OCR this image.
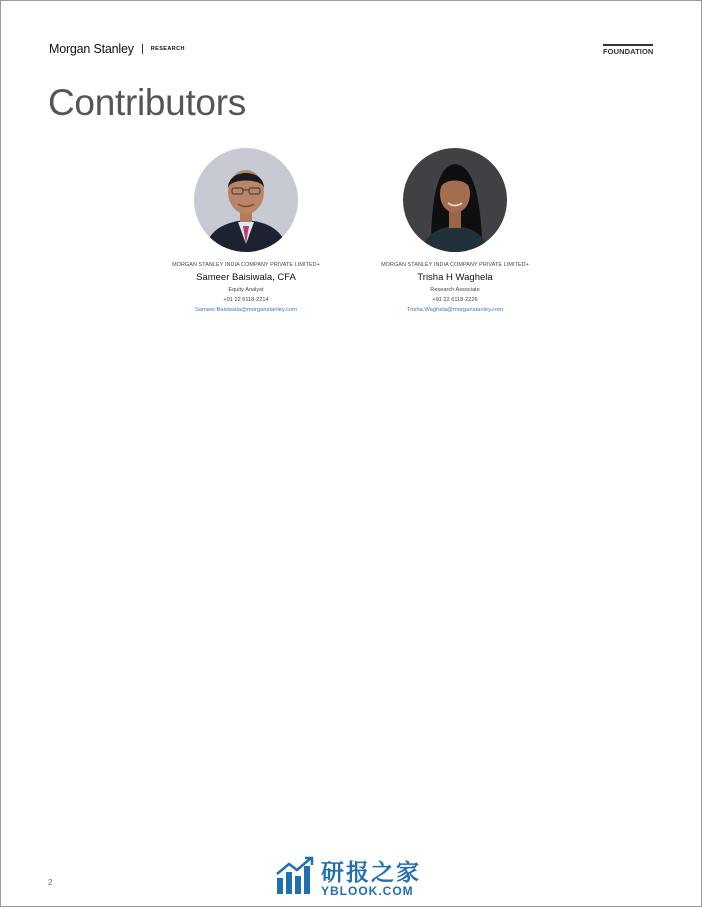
Morgan Stanley	RESEARCH	FOUNDATION
Contributors
MORGAN STANLEY INDIA COMPANY PRIVATE LIMITED+
Sameer Baisiwala, CFA
Equity Analyst
+91 22 6118-2214
Sameer.Baisiwala@morganstanley.com
MORGAN STANLEY INDIA COMPANY PRIVATE LIMITED+
Trisha H Waghela
Research Associate
+91 22 6118-2226
Trisha.Waghela@morganstanley.com
2	研报之家
YBLOOK.COM
